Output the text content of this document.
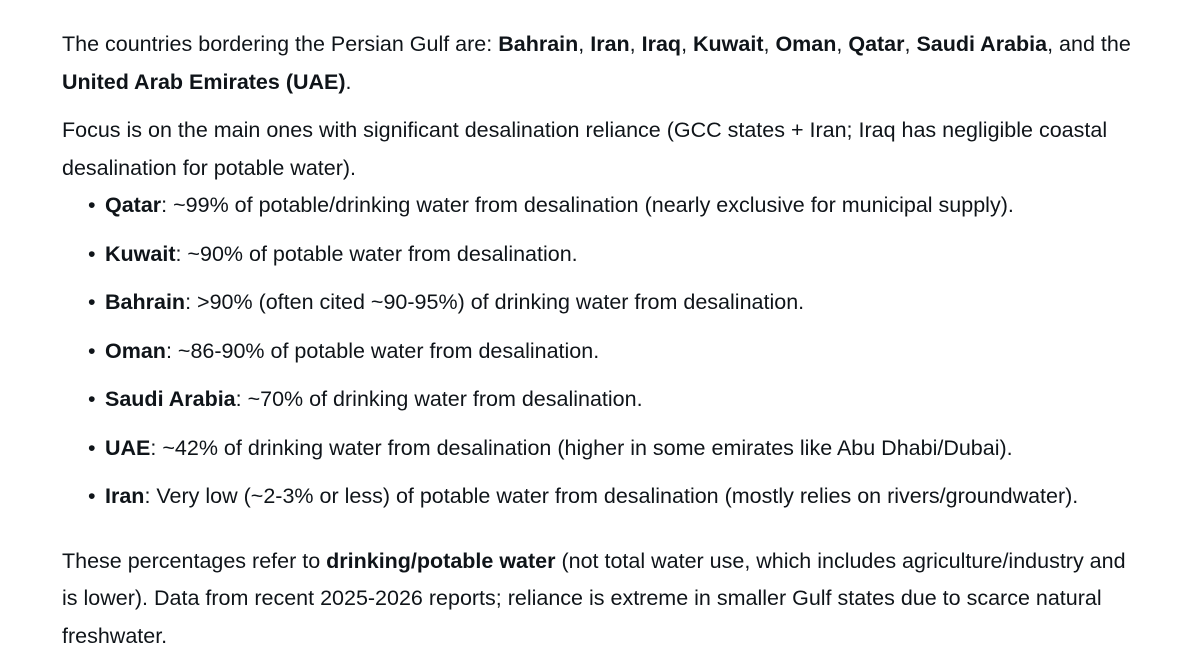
The countries bordering the Persian Gulf are: Bahrain, Iran, Iraq, Kuwait, Oman, Qatar, Saudi Arabia, and the United Arab Emirates (UAE).

Focus is on the main ones with significant desalination reliance (GCC states + Iran; Iraq has negligible coastal desalination for potable water).

• Qatar: ~99% of potable/drinking water from desalination (nearly exclusive for municipal supply).
• Kuwait: ~90% of potable water from desalination.
• Bahrain: >90% (often cited ~90-95%) of drinking water from desalination.
• Oman: ~86-90% of potable water from desalination.
• Saudi Arabia: ~70% of drinking water from desalination.
• UAE: ~42% of drinking water from desalination (higher in some emirates like Abu Dhabi/Dubai).
• Iran: Very low (~2-3% or less) of potable water from desalination (mostly relies on rivers/groundwater).

These percentages refer to drinking/potable water (not total water use, which includes agriculture/industry and is lower). Data from recent 2025-2026 reports; reliance is extreme in smaller Gulf states due to scarce natural freshwater.
